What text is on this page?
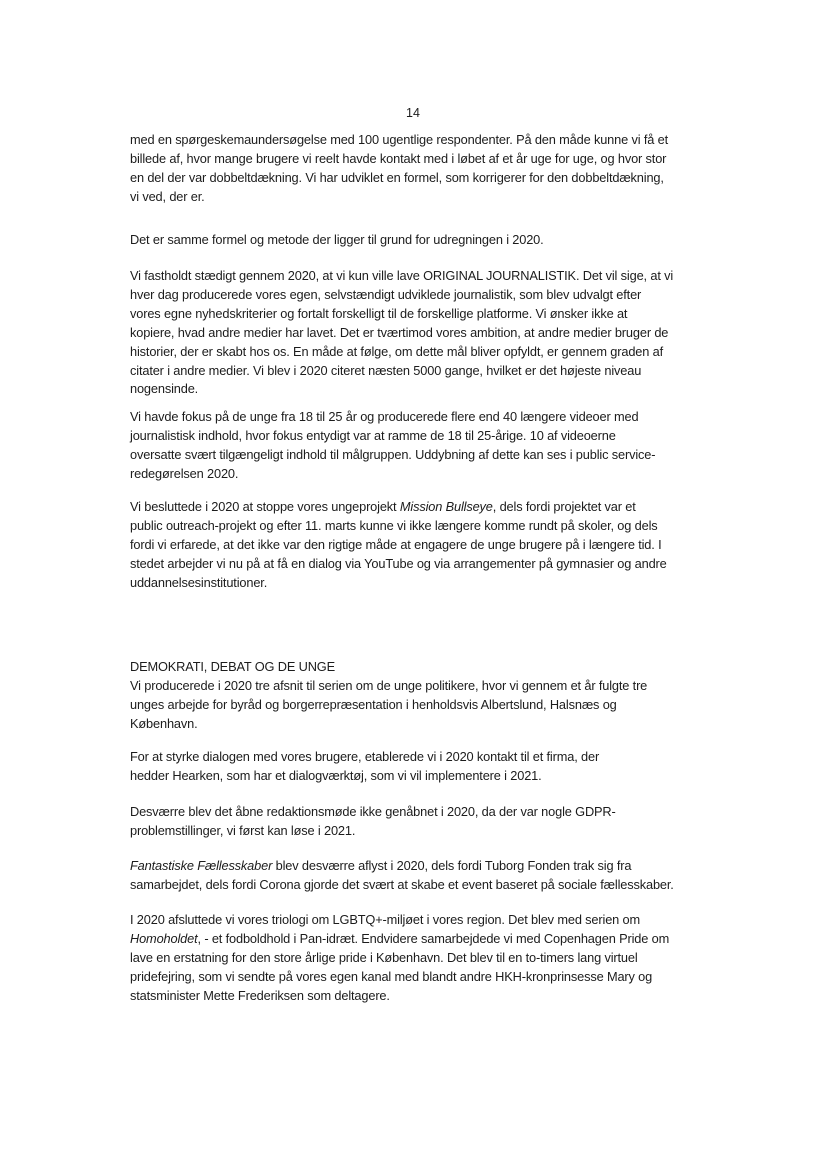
14
med en spørgeskemaundersøgelse med 100 ugentlige respondenter. På den måde kunne vi få et
billede af, hvor mange brugere vi reelt havde kontakt med i løbet af et år uge for uge, og hvor stor
en del der var dobbeltdækning. Vi har udviklet en formel, som korrigerer for den dobbeltdækning,
vi ved, der er.
Det er samme formel og metode der ligger til grund for udregningen i 2020.
Vi fastholdt stædigt gennem 2020, at vi kun ville lave ORIGINAL JOURNALISTIK. Det vil sige, at vi
hver dag producerede vores egen, selvstændigt udviklede journalistik, som blev udvalgt efter
vores egne nyhedskriterier og fortalt forskelligt til de forskellige platforme. Vi ønsker ikke at
kopiere, hvad andre medier har lavet. Det er tværtimod vores ambition, at andre medier bruger de
historier, der er skabt hos os. En måde at følge, om dette mål bliver opfyldt, er gennem graden af
citater i andre medier. Vi blev i 2020 citeret næsten 5000 gange, hvilket er det højeste niveau
nogensinde.
Vi havde fokus på de unge fra 18 til 25 år og producerede flere end 40 længere videoer med
journalistisk indhold, hvor fokus entydigt var at ramme de 18 til 25-årige. 10 af videoerne
oversatte svært tilgængeligt indhold til målgruppen. Uddybning af dette kan ses i public service-
redegørelsen 2020.
Vi besluttede i 2020 at stoppe vores ungeprojekt Mission Bullseye, dels fordi projektet var et
public outreach-projekt og efter 11. marts kunne vi ikke længere komme rundt på skoler, og dels
fordi vi erfarede, at det ikke var den rigtige måde at engagere de unge brugere på i længere tid. I
stedet arbejder vi nu på at få en dialog via YouTube og via arrangementer på gymnasier og andre
uddannelsesinstitutioner.
DEMOKRATI, DEBAT OG DE UNGE
Vi producerede i 2020 tre afsnit til serien om de unge politikere, hvor vi gennem et år fulgte tre
unges arbejde for byråd og borgerrepræsentation i henholdsvis Albertslund, Halsnæs og
København.
For at styrke dialogen med vores brugere, etablerede vi i 2020 kontakt til et firma, der
hedder Hearken, som har et dialogværktøj, som vi vil implementere i 2021.
Desværre blev det åbne redaktionsmøde ikke genåbnet i 2020, da der var nogle GDPR-
problemstillinger, vi først kan løse i 2021.
Fantastiske Fællesskaber blev desværre aflyst i 2020, dels fordi Tuborg Fonden trak sig fra
samarbejdet, dels fordi Corona gjorde det svært at skabe et event baseret på sociale fællesskaber.
I 2020 afsluttede vi vores triologi om LGBTQ+-miljøet i vores region. Det blev med serien om
Homoholdet, - et fodboldhold i Pan-idræt. Endvidere samarbejdede vi med Copenhagen Pride om
lave en erstatning for den store årlige pride i København. Det blev til en to-timers lang virtuel
pridefejring, som vi sendte på vores egen kanal med blandt andre HKH-kronprinsesse Mary og
statsminister Mette Frederiksen som deltagere.
